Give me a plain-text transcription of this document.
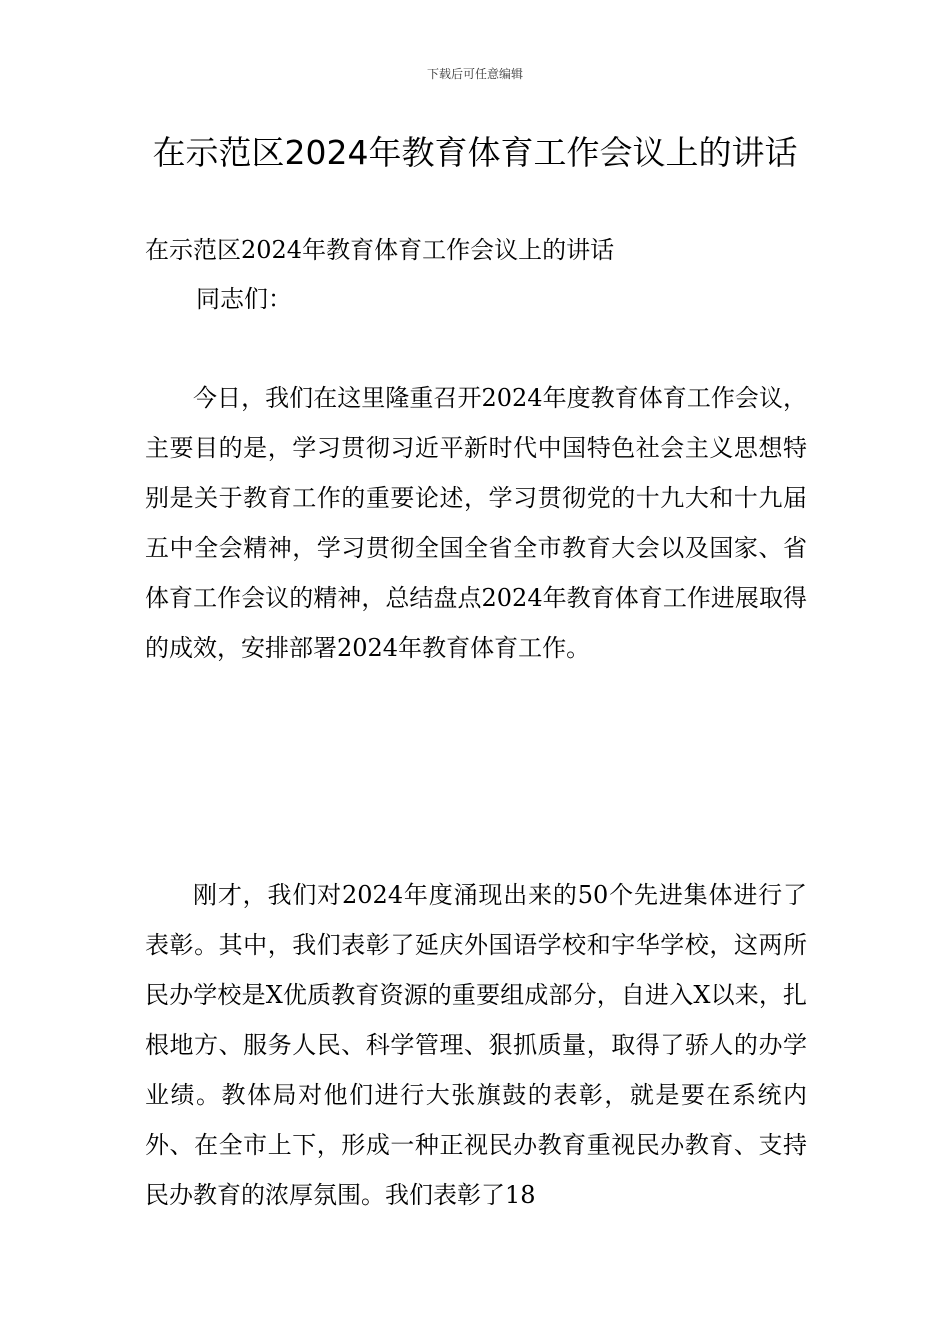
下载后可任意编辑
在示范区2024年教育体育工作会议上的讲话

在示范区2024年教育体育工作会议上的讲话

同志们：

今日，我们在这里隆重召开2024年度教育体育工作会议，主要目的是，学习贯彻习近平新时代中国特色社会主义思想特别是关于教育工作的重要论述，学习贯彻党的十九大和十九届五中全会精神，学习贯彻全国全省全市教育大会以及国家、省体育工作会议的精神，总结盘点2024年教育体育工作进展取得的成效，安排部署2024年教育体育工作。

刚才，我们对2024年度涌现出来的50个先进集体进行了表彰。其中，我们表彰了延庆外国语学校和宇华学校，这两所民办学校是X优质教育资源的重要组成部分，自进入X以来，扎根地方、服务人民、科学管理、狠抓质量，取得了骄人的办学业绩。教体局对他们进行大张旗鼓的表彰，就是要在系统内外、在全市上下，形成一种正视民办教育重视民办教育、支持民办教育的浓厚氛围。我们表彰了18
